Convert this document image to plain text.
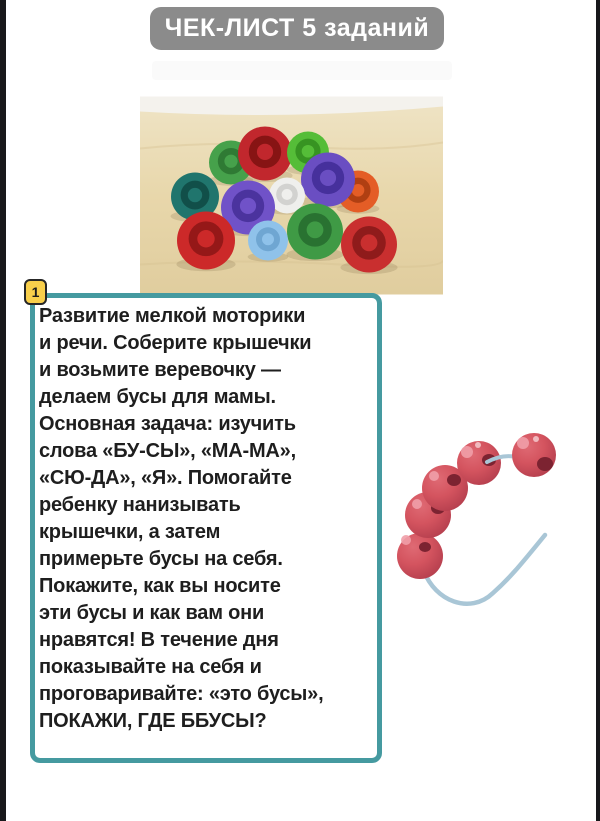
ЧЕК-ЛИСТ 5 заданий
1
Развитие мелкой моторики
и речи. Соберите крышечки
и возьмите веревочку —
делаем бусы для мамы.
Основная задача: изучить
слова «БУ-СЫ», «МА-МА»,
«СЮ-ДА», «Я». Помогайте
ребенку нанизывать
крышечки, а затем
примерьте бусы на себя.
Покажите, как вы носите
эти бусы и как вам они
нравятся! В течение дня
показывайте на себя и
проговаривайте: «это бусы»,
ПОКАЖИ, ГДЕ ББУСЫ?
